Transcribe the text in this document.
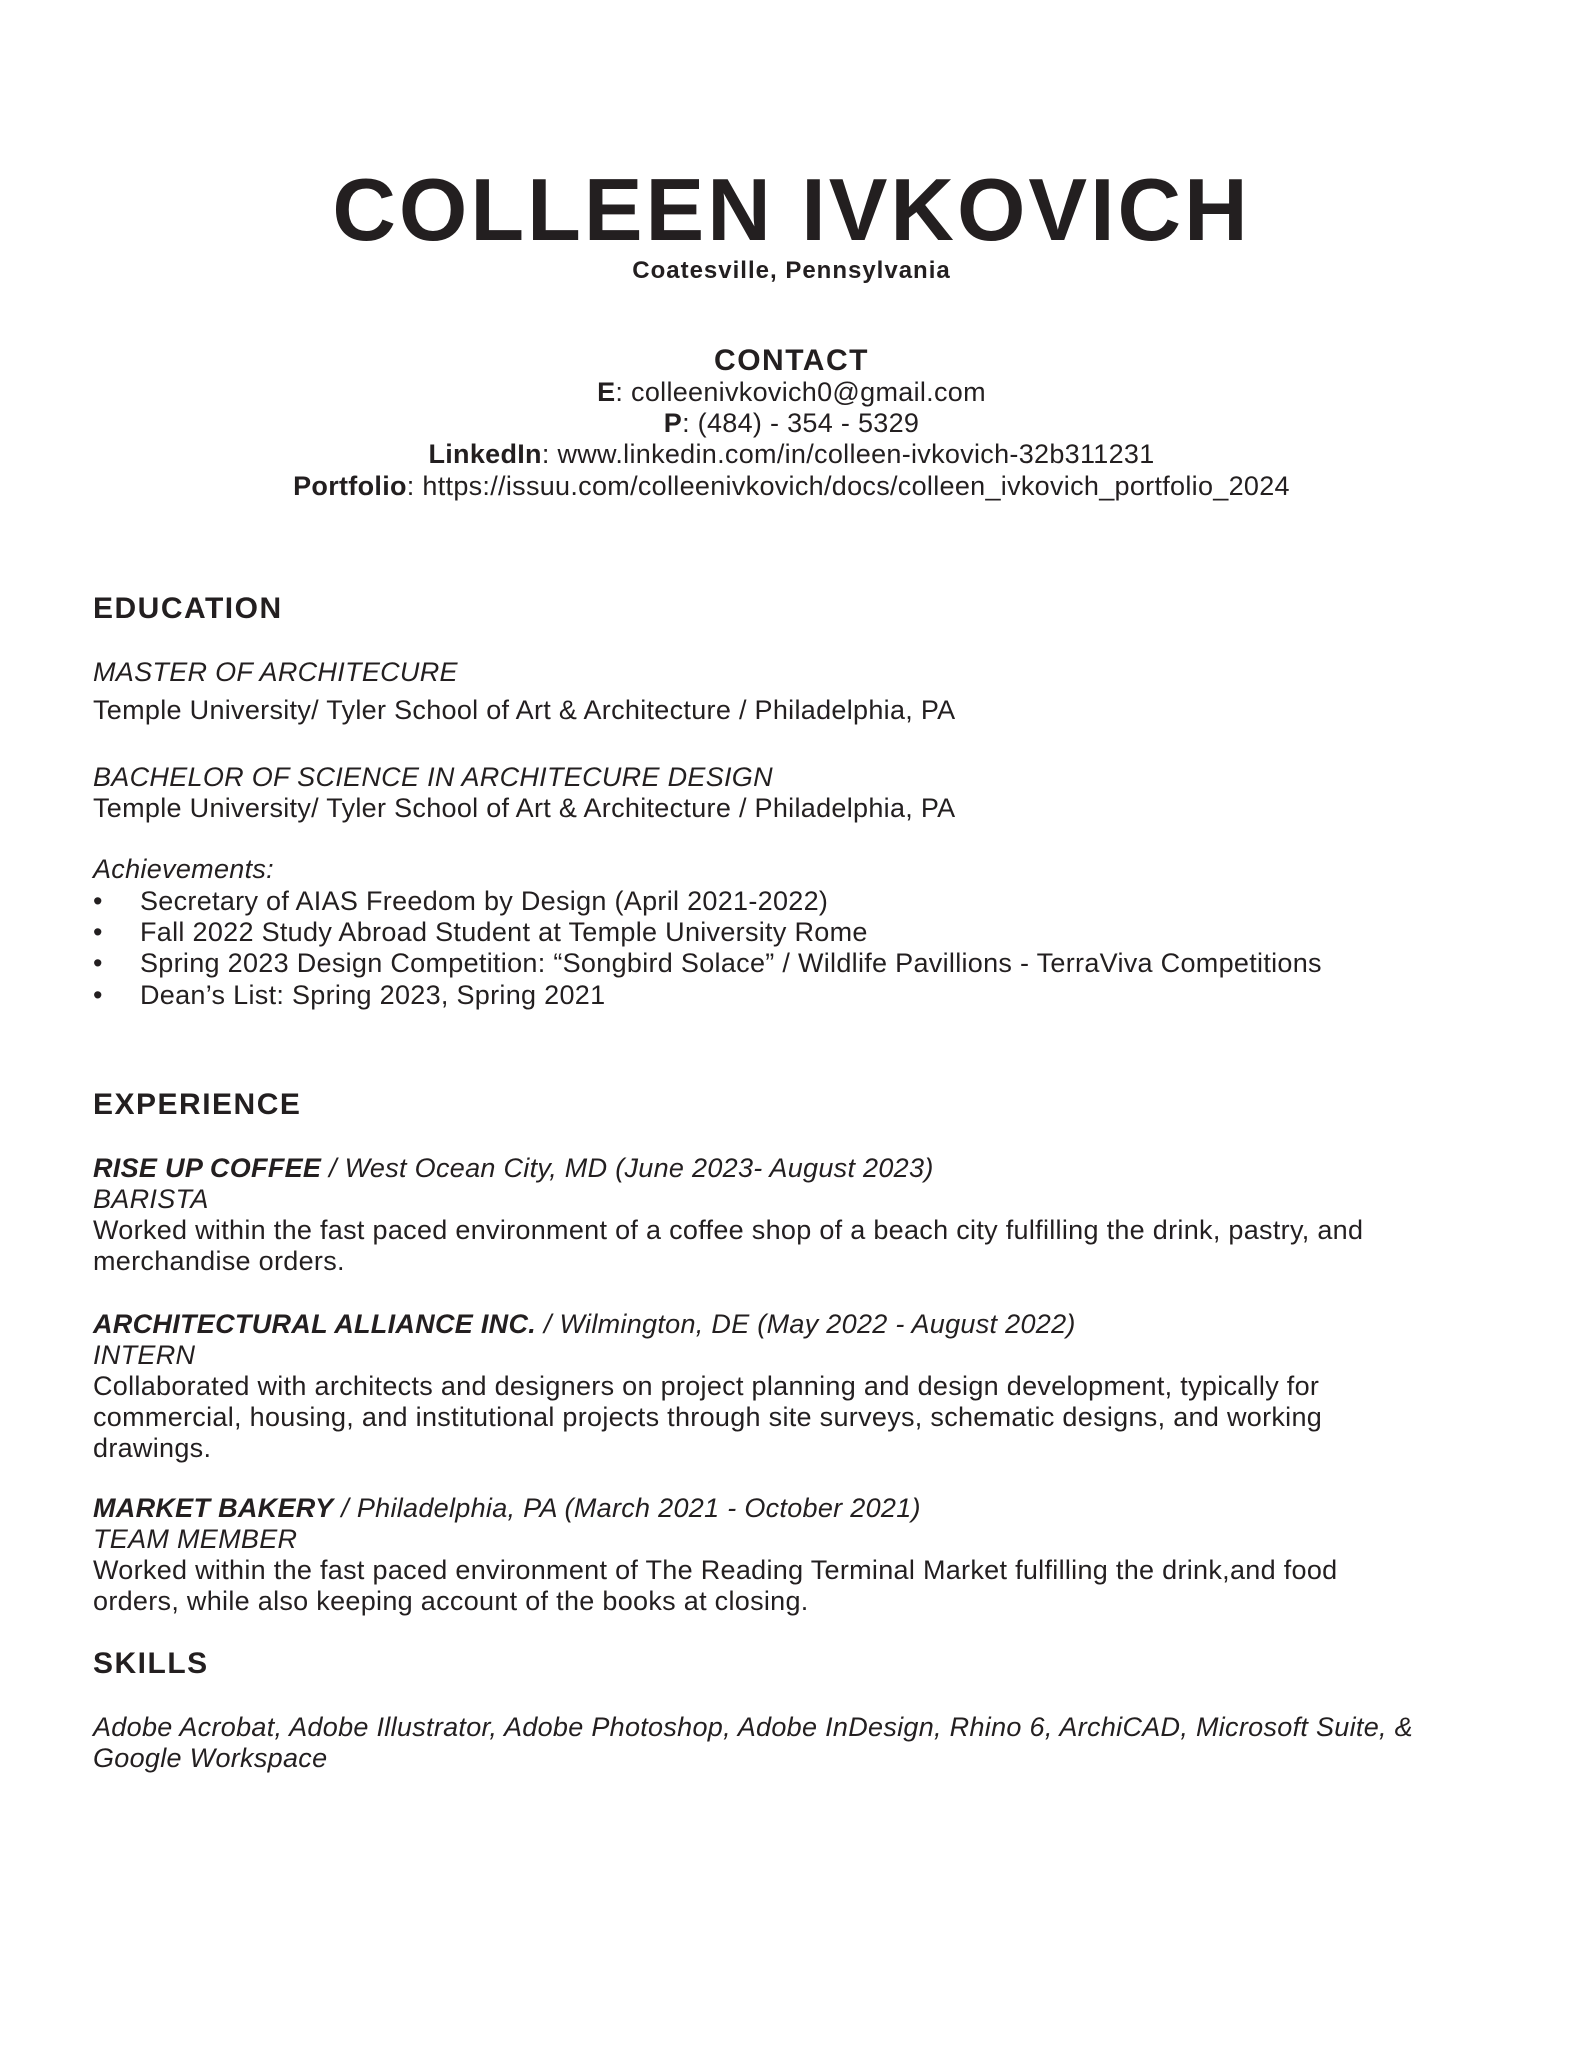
COLLEEN IVKOVICH
Coatesville, Pennsylvania
CONTACT
E: colleenivkovich0@gmail.com
P: (484) - 354 - 5329
LinkedIn: www.linkedin.com/in/colleen-ivkovich-32b311231
Portfolio: https://issuu.com/colleenivkovich/docs/colleen_ivkovich_portfolio_2024
EDUCATION
MASTER OF ARCHITECURE
Temple University/ Tyler School of Art & Architecture / Philadelphia, PA
BACHELOR OF SCIENCE IN ARCHITECURE DESIGN
Temple University/ Tyler School of Art & Architecture / Philadelphia, PA
Achievements:
• Secretary of AIAS Freedom by Design (April 2021-2022)
• Fall 2022 Study Abroad Student at Temple University Rome
• Spring 2023 Design Competition: “Songbird Solace” / Wildlife Pavillions - TerraViva Competitions
• Dean’s List: Spring 2023, Spring 2021
EXPERIENCE
RISE UP COFFEE / West Ocean City, MD (June 2023- August 2023)
BARISTA
Worked within the fast paced environment of a coffee shop of a beach city fulfilling the drink, pastry, and
merchandise orders.
ARCHITECTURAL ALLIANCE INC. / Wilmington, DE (May 2022 - August 2022)
INTERN
Collaborated with architects and designers on project planning and design development, typically for
commercial, housing, and institutional projects through site surveys, schematic designs, and working
drawings.
MARKET BAKERY / Philadelphia, PA (March 2021 - October 2021)
TEAM MEMBER
Worked within the fast paced environment of The Reading Terminal Market fulfilling the drink,and food
orders, while also keeping account of the books at closing.
SKILLS
Adobe Acrobat, Adobe Illustrator, Adobe Photoshop, Adobe InDesign, Rhino 6, ArchiCAD, Microsoft Suite, &
Google Workspace
